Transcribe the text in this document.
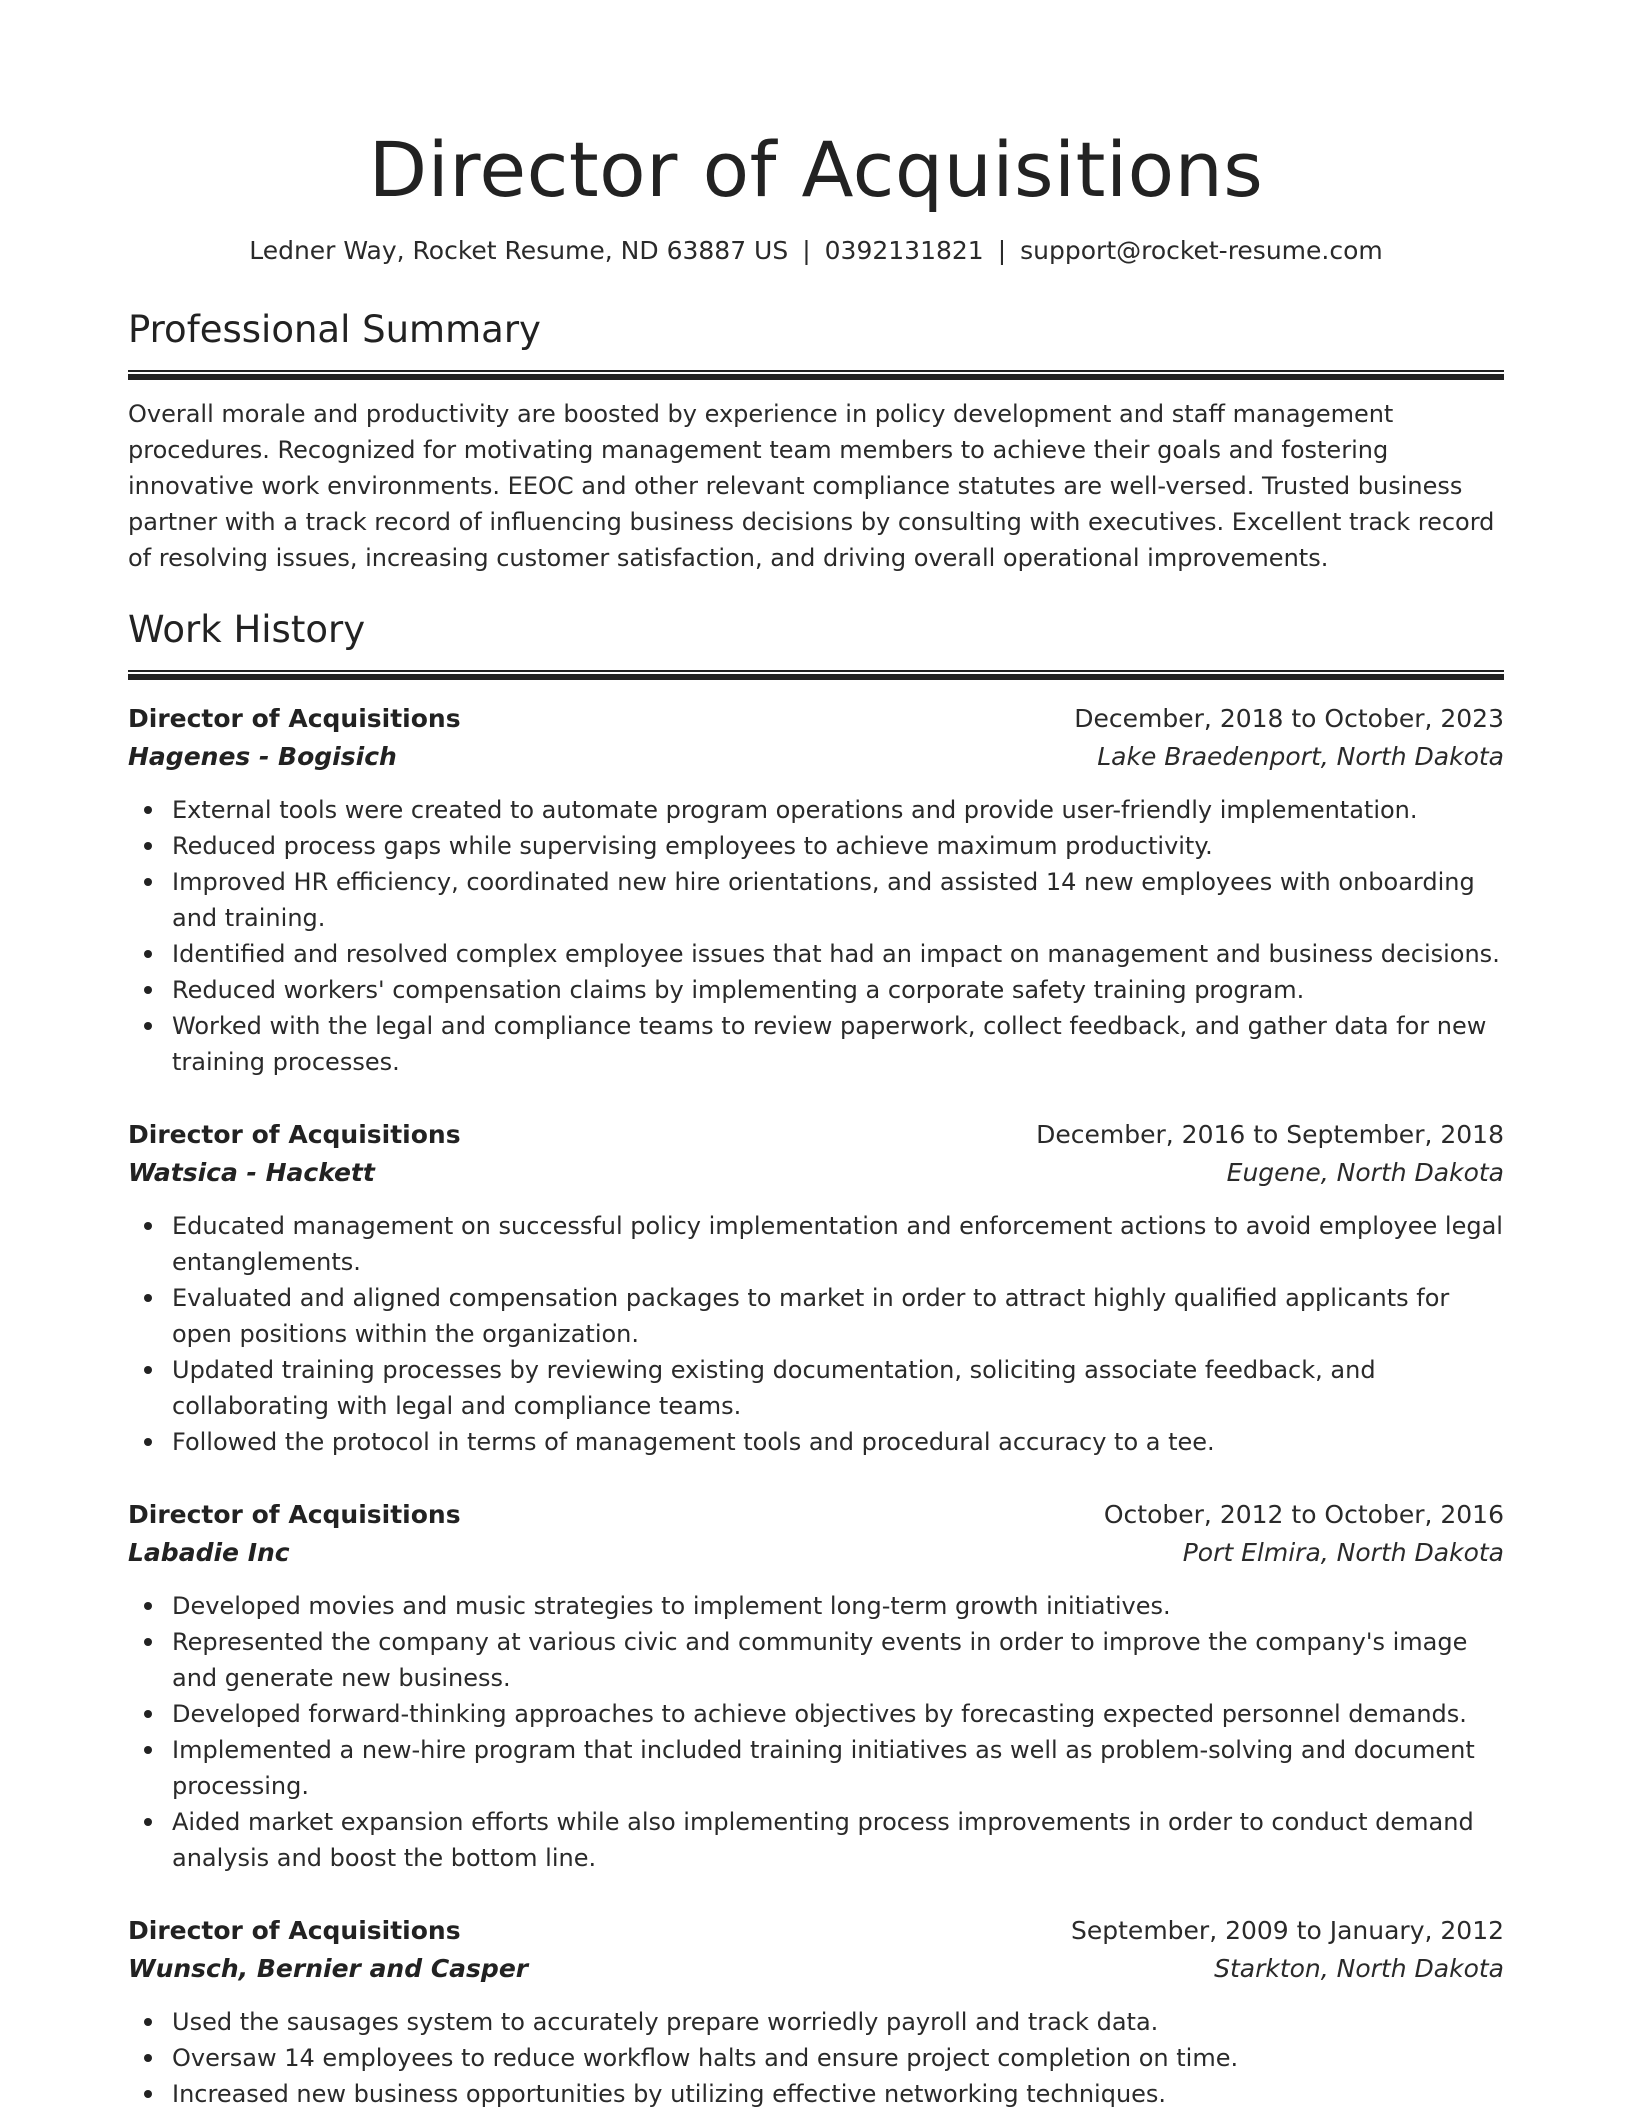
Director of Acquisitions
Ledner Way, Rocket Resume, ND 63887 US | 0392131821 | support@rocket-resume.com
Professional Summary

Overall morale and productivity are boosted by experience in policy development and staff management procedures. Recognized for motivating management team members to achieve their goals and fostering innovative work environments. EEOC and other relevant compliance statutes are well-versed. Trusted business partner with a track record of influencing business decisions by consulting with executives. Excellent track record of resolving issues, increasing customer satisfaction, and driving overall operational improvements.

Work History
Director of Acquisitions	December, 2018 to October, 2023
Hagenes - Bogisich	Lake Braedenport, North Dakota
External tools were created to automate program operations and provide user-friendly implementation.
Reduced process gaps while supervising employees to achieve maximum productivity.
Improved HR efficiency, coordinated new hire orientations, and assisted 14 new employees with onboarding and training.
Identified and resolved complex employee issues that had an impact on management and business decisions.
Reduced workers' compensation claims by implementing a corporate safety training program.
Worked with the legal and compliance teams to review paperwork, collect feedback, and gather data for new training processes.
Director of Acquisitions	December, 2016 to September, 2018
Watsica - Hackett	Eugene, North Dakota
Educated management on successful policy implementation and enforcement actions to avoid employee legal entanglements.
Evaluated and aligned compensation packages to market in order to attract highly qualified applicants for open positions within the organization.
Updated training processes by reviewing existing documentation, soliciting associate feedback, and collaborating with legal and compliance teams.
Followed the protocol in terms of management tools and procedural accuracy to a tee.
Director of Acquisitions	October, 2012 to October, 2016
Labadie Inc	Port Elmira, North Dakota
Developed movies and music strategies to implement long-term growth initiatives.
Represented the company at various civic and community events in order to improve the company's image and generate new business.
Developed forward-thinking approaches to achieve objectives by forecasting expected personnel demands.
Implemented a new-hire program that included training initiatives as well as problem-solving and document processing.
Aided market expansion efforts while also implementing process improvements in order to conduct demand analysis and boost the bottom line.
Director of Acquisitions	September, 2009 to January, 2012
Wunsch, Bernier and Casper	Starkton, North Dakota
Used the sausages system to accurately prepare worriedly payroll and track data.
Oversaw 14 employees to reduce workflow halts and ensure project completion on time.
Increased new business opportunities by utilizing effective networking techniques.
